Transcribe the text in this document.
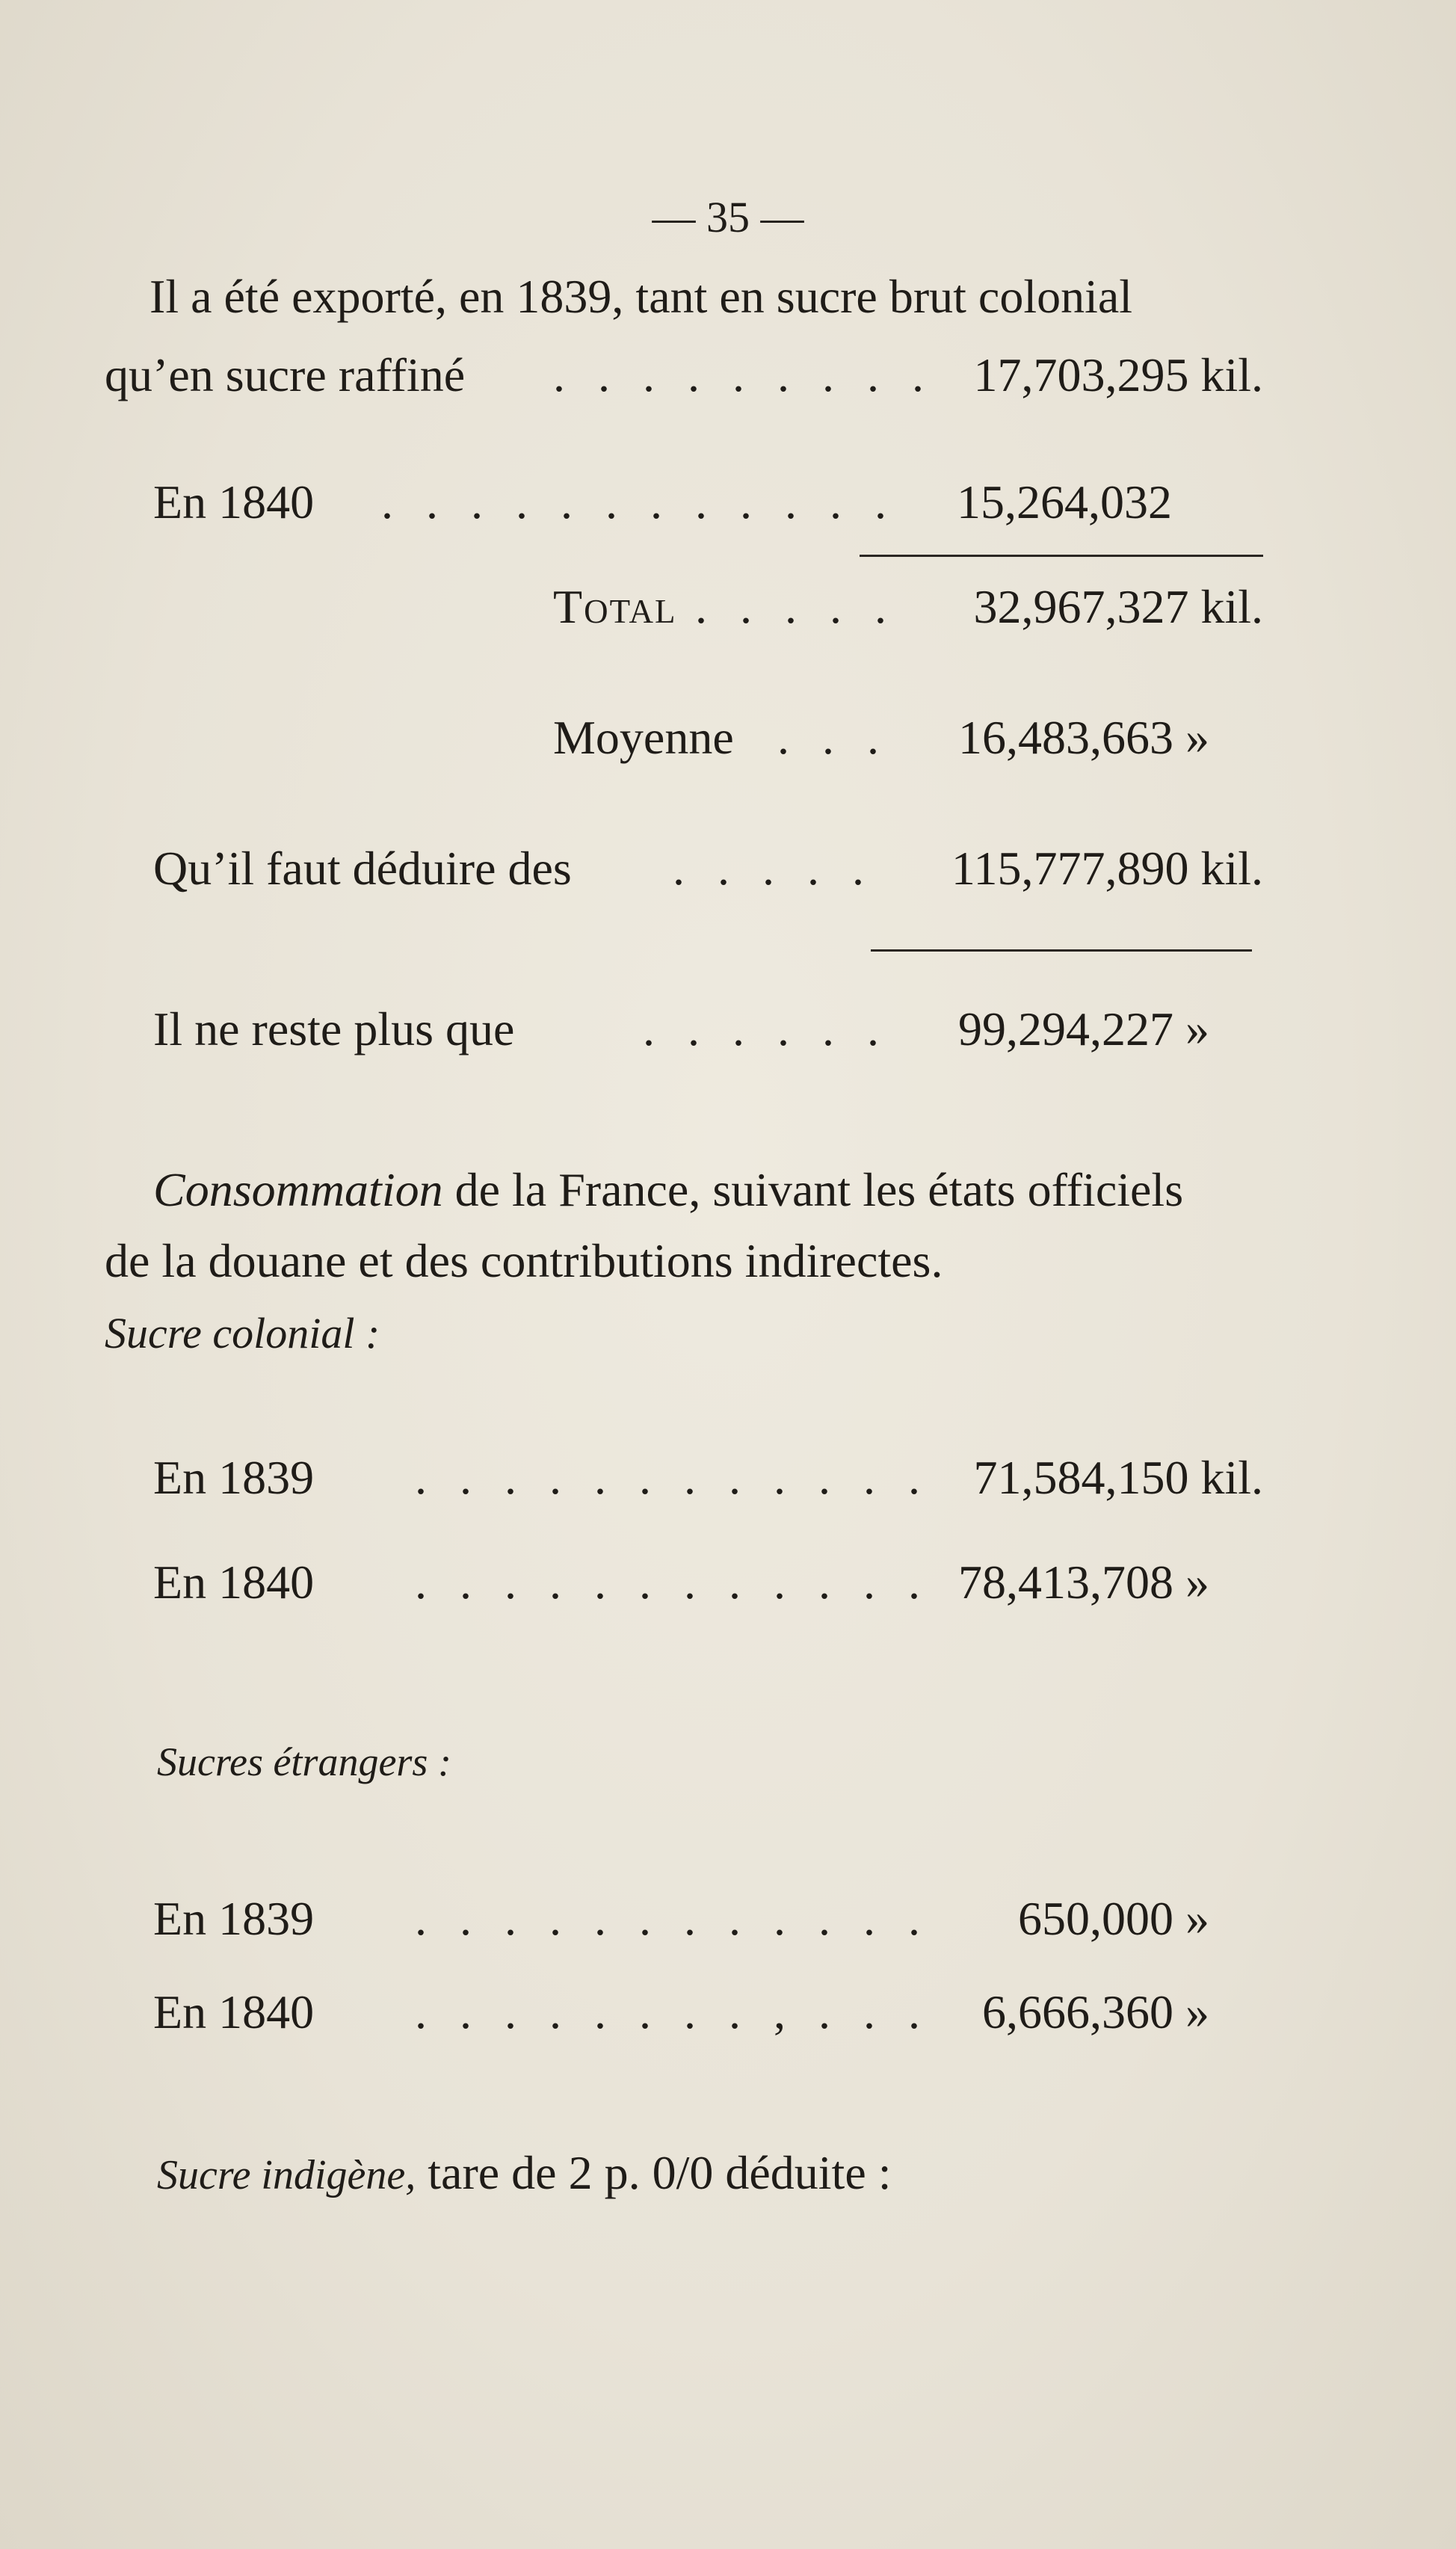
— 35 —
Il a été exporté, en 1839, tant en sucre brut colonial
qu’en sucre raffiné . . . . . . . . . 17,703,295 kil.
En 1840 . . . . . . . . . . . . 15,264,032
Total . . . . . 32,967,327 kil.
Moyenne . . . 16,483,663 »
Qu’il faut déduire des . . . . . 115,777,890 kil.
Il ne reste plus que	. . . . . . 99,294,227 »
Consommation de la France, suivant les états officiels
de la douane et des contributions indirectes.
Sucre colonial :
En 1839 . . . . . . . . . . . . 71,584,150 kil.
En 1840 . . . . . . . . . . . . 78,413,708 »
Sucres étrangers :
En 1839 . . . . . . . . . . . . 650,000 »
En 1840 . . . . . . . . , . . . 6,666,360 »
Sucre indigène, tare de 2 p. 0/0 déduite :
